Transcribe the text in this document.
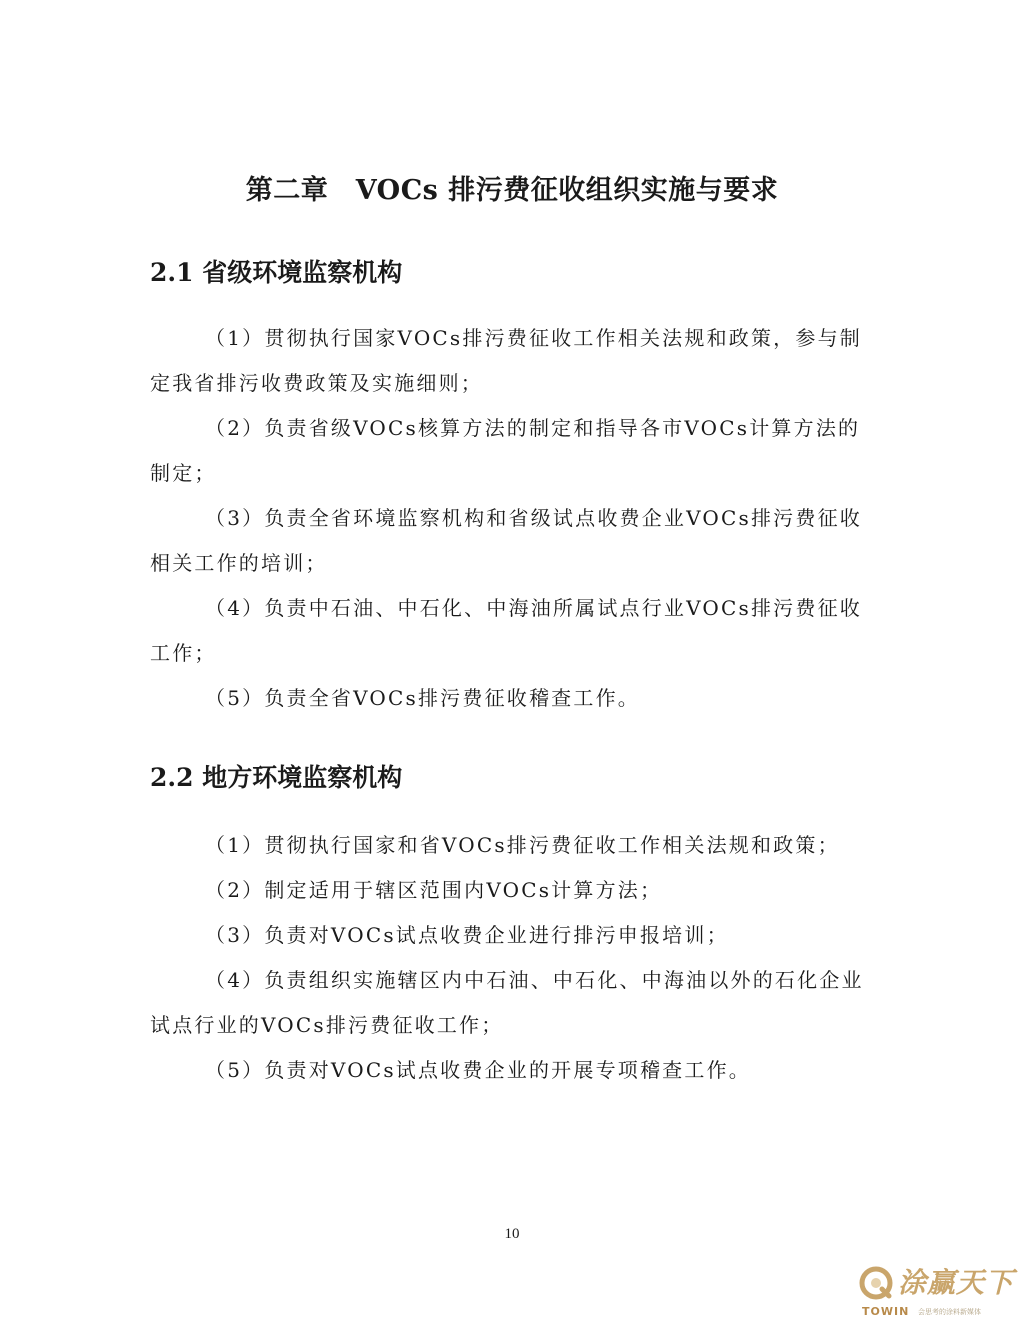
第二章　VOCs 排污费征收组织实施与要求
2.1 省级环境监察机构

（1）贯彻执行国家VOCs排污费征收工作相关法规和政策，参与制定我省排污收费政策及实施细则；

（2）负责省级VOCs核算方法的制定和指导各市VOCs计算方法的制定；

（3）负责全省环境监察机构和省级试点收费企业VOCs排污费征收相关工作的培训；

（4）负责中石油、中石化、中海油所属试点行业VOCs排污费征收工作；

（5）负责全省VOCs排污费征收稽查工作。

2.2 地方环境监察机构

（1）贯彻执行国家和省VOCs排污费征收工作相关法规和政策；

（2）制定适用于辖区范围内VOCs计算方法；

（3）负责对VOCs试点收费企业进行排污申报培训；

（4）负责组织实施辖区内中石油、中石化、中海油以外的石化企业试点行业的VOCs排污费征收工作；

（5）负责对VOCs试点收费企业的开展专项稽查工作。

10
涂赢天下
TOWIN 会思考的涂料新媒体
